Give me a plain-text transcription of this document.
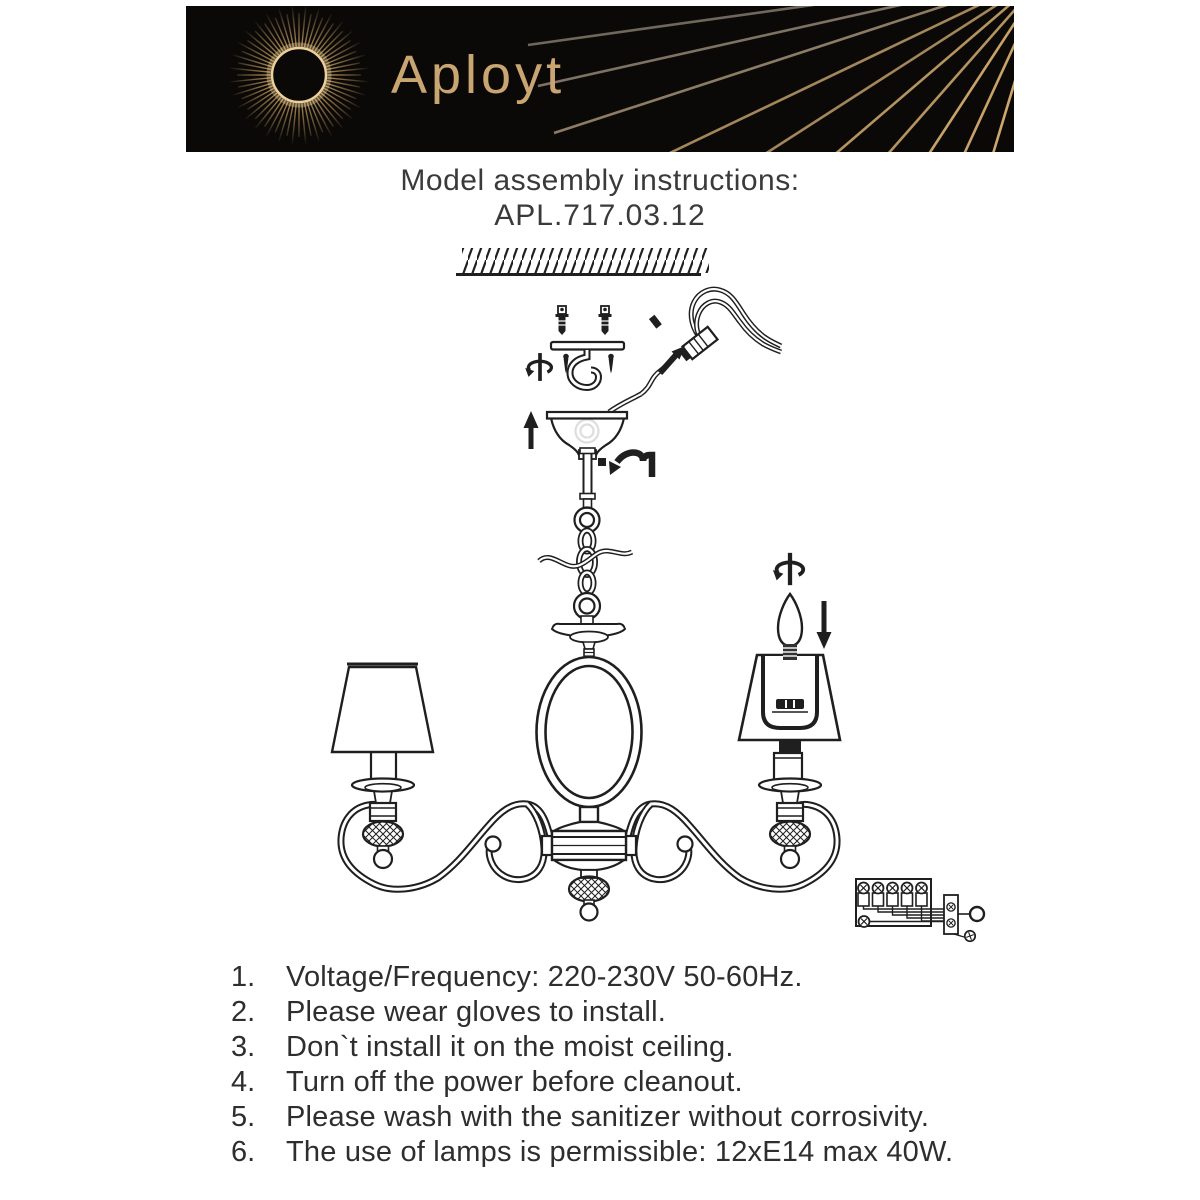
Aployt
Model assembly instructions:
APL.717.03.12
1.	Voltage/Frequency: 220-230V 50-60Hz.
2.	Please wear gloves to install.
3.	Don`t install it on the moist ceiling.
4.	Turn off the power before cleanout.
5.	Please wash with the sanitizer without corrosivity.
6.	The use of lamps is permissible: 12xE14 max 40W.
